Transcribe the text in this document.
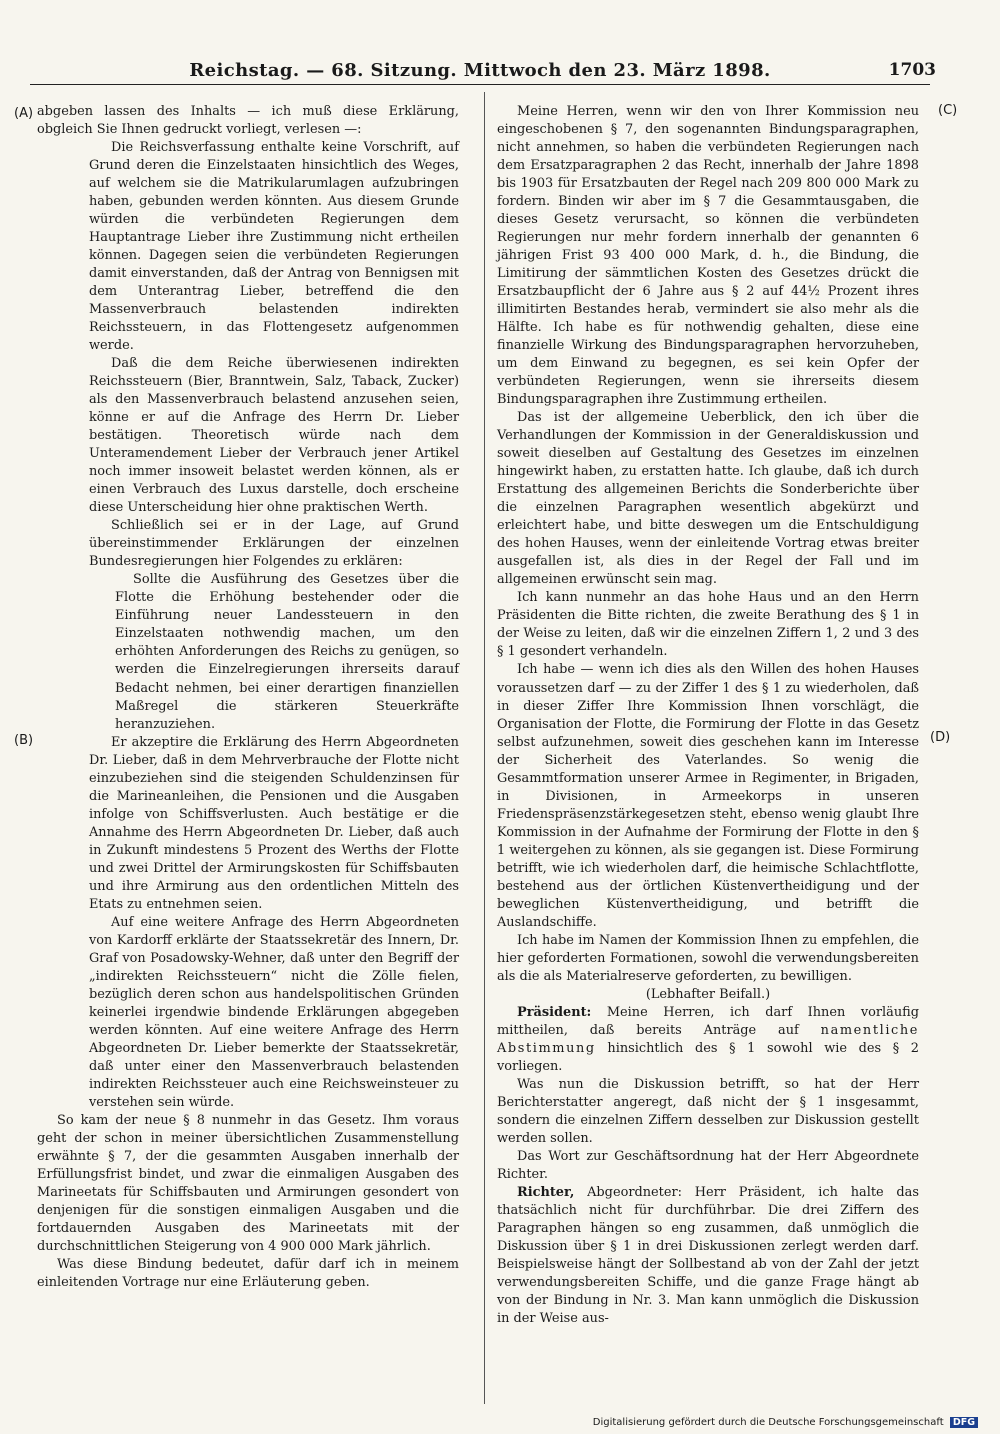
Reichstag. — 68. Sitzung. Mittwoch den 23. März 1898.	1703
(A)
(B)
(C)
(D)

abgeben lassen des Inhalts — ich muß diese Erklärung, obgleich Sie Ihnen gedruckt vorliegt, verlesen —:

Die Reichsverfassung enthalte keine Vorschrift, auf Grund deren die Einzelstaaten hinsichtlich des Weges, auf welchem sie die Matrikularumlagen aufzubringen haben, gebunden werden könnten. Aus diesem Grunde würden die verbündeten Regierungen dem Hauptantrage Lieber ihre Zustimmung nicht ertheilen können. Dagegen seien die verbündeten Regierungen damit einverstanden, daß der Antrag von Bennigsen mit dem Unterantrag Lieber, betreffend die den Massenverbrauch belastenden indirekten Reichssteuern, in das Flottengesetz aufgenommen werde.

Daß die dem Reiche überwiesenen indirekten Reichssteuern (Bier, Branntwein, Salz, Taback, Zucker) als den Massenverbrauch belastend anzusehen seien, könne er auf die Anfrage des Herrn Dr. Lieber bestätigen. Theoretisch würde nach dem Unteramendement Lieber der Verbrauch jener Artikel noch immer insoweit belastet werden können, als er einen Verbrauch des Luxus darstelle, doch erscheine diese Unterscheidung hier ohne praktischen Werth.

Schließlich sei er in der Lage, auf Grund übereinstimmender Erklärungen der einzelnen Bundesregierungen hier Folgendes zu erklären:

Sollte die Ausführung des Gesetzes über die Flotte die Erhöhung bestehender oder die Einführung neuer Landessteuern in den Einzelstaaten nothwendig machen, um den erhöhten Anforderungen des Reichs zu genügen, so werden die Einzelregierungen ihrerseits darauf Bedacht nehmen, bei einer derartigen finanziellen Maßregel die stärkeren Steuerkräfte heranzuziehen.

Er akzeptire die Erklärung des Herrn Abgeordneten Dr. Lieber, daß in dem Mehrverbrauche der Flotte nicht einzubeziehen sind die steigenden Schuldenzinsen für die Marineanleihen, die Pensionen und die Ausgaben infolge von Schiffsverlusten. Auch bestätige er die Annahme des Herrn Abgeordneten Dr. Lieber, daß auch in Zukunft mindestens 5 Prozent des Werths der Flotte und zwei Drittel der Armirungskosten für Schiffsbauten und ihre Armirung aus den ordentlichen Mitteln des Etats zu entnehmen seien.

Auf eine weitere Anfrage des Herrn Abgeordneten von Kardorff erklärte der Staatssekretär des Innern, Dr. Graf von Posadowsky-Wehner, daß unter den Begriff der „indirekten Reichssteuern“ nicht die Zölle fielen, bezüglich deren schon aus handelspolitischen Gründen keinerlei irgendwie bindende Erklärungen abgegeben werden könnten. Auf eine weitere Anfrage des Herrn Abgeordneten Dr. Lieber bemerkte der Staatssekretär, daß unter einer den Massenverbrauch belastenden indirekten Reichssteuer auch eine Reichsweinsteuer zu verstehen sein würde.

So kam der neue § 8 nunmehr in das Gesetz. Ihm voraus geht der schon in meiner übersichtlichen Zusammenstellung erwähnte § 7, der die gesammten Ausgaben innerhalb der Erfüllungsfrist bindet, und zwar die einmaligen Ausgaben des Marineetats für Schiffsbauten und Armirungen gesondert von denjenigen für die sonstigen einmaligen Ausgaben und die fortdauernden Ausgaben des Marineetats mit der durchschnittlichen Steigerung von 4 900 000 Mark jährlich.

Was diese Bindung bedeutet, dafür darf ich in meinem einleitenden Vortrage nur eine Erläuterung geben.

Meine Herren, wenn wir den von Ihrer Kommission neu eingeschobenen § 7, den sogenannten Bindungsparagraphen, nicht annehmen, so haben die verbündeten Regierungen nach dem Ersatzparagraphen 2 das Recht, innerhalb der Jahre 1898 bis 1903 für Ersatzbauten der Regel nach 209 800 000 Mark zu fordern. Binden wir aber im § 7 die Gesammtausgaben, die dieses Gesetz verursacht, so können die verbündeten Regierungen nur mehr fordern innerhalb der genannten 6 jährigen Frist 93 400 000 Mark, d. h., die Bindung, die Limitirung der sämmtlichen Kosten des Gesetzes drückt die Ersatzbaupflicht der 6 Jahre aus § 2 auf 44½ Prozent ihres illimitirten Bestandes herab, vermindert sie also mehr als die Hälfte. Ich habe es für nothwendig gehalten, diese eine finanzielle Wirkung des Bindungsparagraphen hervorzuheben, um dem Einwand zu begegnen, es sei kein Opfer der verbündeten Regierungen, wenn sie ihrerseits diesem Bindungsparagraphen ihre Zustimmung ertheilen.

Das ist der allgemeine Ueberblick, den ich über die Verhandlungen der Kommission in der Generaldiskussion und soweit dieselben auf Gestaltung des Gesetzes im einzelnen hingewirkt haben, zu erstatten hatte. Ich glaube, daß ich durch Erstattung des allgemeinen Berichts die Sonderberichte über die einzelnen Paragraphen wesentlich abgekürzt und erleichtert habe, und bitte deswegen um die Entschuldigung des hohen Hauses, wenn der einleitende Vortrag etwas breiter ausgefallen ist, als dies in der Regel der Fall und im allgemeinen erwünscht sein mag.

Ich kann nunmehr an das hohe Haus und an den Herrn Präsidenten die Bitte richten, die zweite Berathung des § 1 in der Weise zu leiten, daß wir die einzelnen Ziffern 1, 2 und 3 des § 1 gesondert verhandeln.

Ich habe — wenn ich dies als den Willen des hohen Hauses voraussetzen darf — zu der Ziffer 1 des § 1 zu wiederholen, daß in dieser Ziffer Ihre Kommission Ihnen vorschlägt, die Organisation der Flotte, die Formirung der Flotte in das Gesetz selbst aufzunehmen, soweit dies geschehen kann im Interesse der Sicherheit des Vaterlandes. So wenig die Gesammtformation unserer Armee in Regimenter, in Brigaden, in Divisionen, in Armeekorps in unseren Friedenspräsenzstärkegesetzen steht, ebenso wenig glaubt Ihre Kommission in der Aufnahme der Formirung der Flotte in den § 1 weitergehen zu können, als sie gegangen ist. Diese Formirung betrifft, wie ich wiederholen darf, die heimische Schlachtflotte, bestehend aus der örtlichen Küstenvertheidigung und der beweglichen Küstenvertheidigung, und betrifft die Auslandschiffe.

Ich habe im Namen der Kommission Ihnen zu empfehlen, die hier geforderten Formationen, sowohl die verwendungsbereiten als die als Materialreserve geforderten, zu bewilligen.

(Lebhafter Beifall.)

Präsident: Meine Herren, ich darf Ihnen vorläufig mittheilen, daß bereits Anträge auf namentliche Abstimmung hinsichtlich des § 1 sowohl wie des § 2 vorliegen.

Was nun die Diskussion betrifft, so hat der Herr Berichterstatter angeregt, daß nicht der § 1 insgesammt, sondern die einzelnen Ziffern desselben zur Diskussion gestellt werden sollen.

Das Wort zur Geschäftsordnung hat der Herr Abgeordnete Richter.

Richter, Abgeordneter: Herr Präsident, ich halte das thatsächlich nicht für durchführbar. Die drei Ziffern des Paragraphen hängen so eng zusammen, daß unmöglich die Diskussion über § 1 in drei Diskussionen zerlegt werden darf. Beispielsweise hängt der Sollbestand ab von der Zahl der jetzt verwendungsbereiten Schiffe, und die ganze Frage hängt ab von der Bindung in Nr. 3. Man kann unmöglich die Diskussion in der Weise aus-

Digitalisierung gefördert durch die Deutsche Forschungsgemeinschaft DFG
